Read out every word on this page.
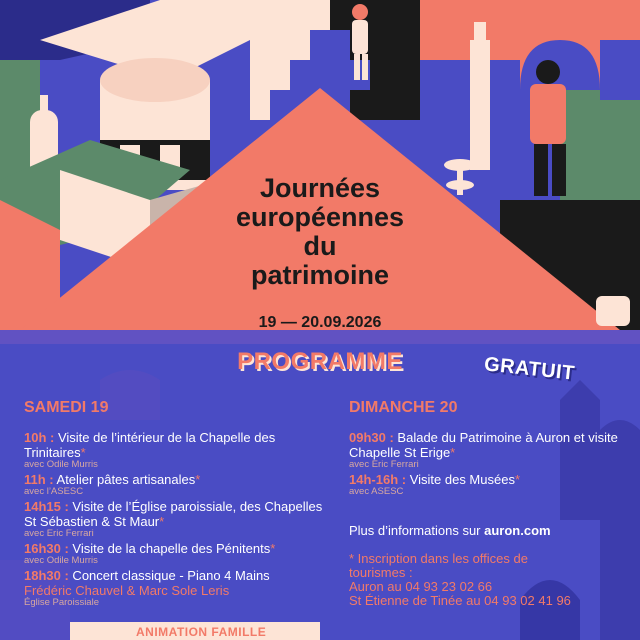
Journées
européennes
du
patrimoine
19 — 20.09.2026
PROGRAMME	GRATUIT
SAMEDI 19	DIMANCHE 20
10h : Visite de l’intérieur de la Chapelle des Trinitaires*
avec Odile Murris
11h : Atelier pâtes artisanales*
avec l’ASESC
14h15 : Visite de l’Église paroissiale, des Chapelles St Sébastien & St Maur*
avec Eric Ferrari
16h30 : Visite de la chapelle des Pénitents*
avec Odile Murris
18h30 : Concert classique - Piano 4 Mains
Frédéric Chauvel & Marc Sole Leris
Église Paroissiale
09h30 : Balade du Patrimoine à Auron et visite Chapelle St Erige*
avec Eric Ferrari
14h-16h : Visite des Musées*
avec ASESC
Plus d’informations sur auron.com
* Inscription dans les offices de
tourismes :
Auron au 04 93 23 02 66
St Étienne de Tinée au 04 93 02 41 96
ANIMATION FAMILLE
